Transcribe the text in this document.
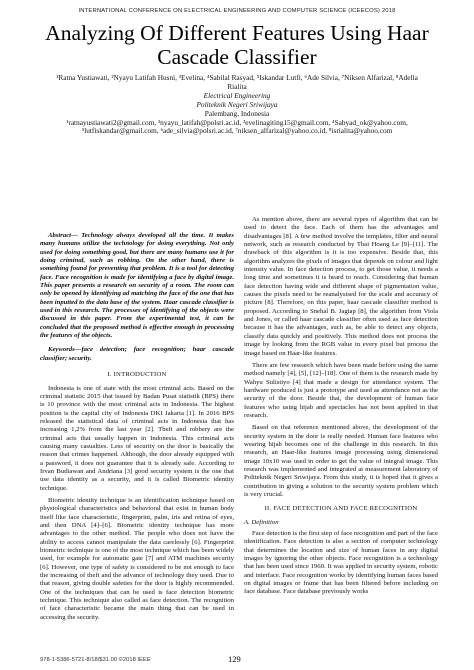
INTERNATIONAL CONFERENCE ON ELECTRICAL ENGINEERING AND COMPUTER SCIENCE (ICEECOS) 2018
Analyzing Of Different Features Using Haar
Cascade Classifier
¹Ratna Yustiawati, ²Nyayu Latifah Husni, ³Evelina, ⁴Sabilal Rasyad, ⁵Iskandar Lutfi, ⁶Ade Silvia, ⁷Niksen Alfarizal, ⁸Adella
Rialita
Electrical Engineering
Politeknik Negeri Sriwijaya
Palembang, Indonesia
¹ratnayustiawati2@gmail.com, ²nyayu_latifah@polsri.ac.id, ³evelinagiting15@gmail.com, ⁴Sabyad_ok@yahoo.com,
⁵lutfiskandar@gmail.com, ⁶ade_silvia@polsri.ac.id, ⁷niksen_alfarizal@yahoo.co.id, ⁸isrialita@yahoo.com

Abstract— Technology always developed all the time. It makes many humans utilize the technology for doing everything. Not only used for doing something good, but there are many humans use it for doing criminal, such as robbing. On the other hand, there is something found for preventing that problem. It is a tool for detecting face. Face recognition is made for identifying a face by digital image. This paper presents a research on security of a room. The room can only be opened by identifying ad matching the face of the one that has been inputted to the data base of the system. Haar cascade classifier is used in this research. The processes of identifying of the objects were discussed in this paper. From the experimental test, it can be concluded that the proposed method is effective enough in processing the features of the objects.

Keywords—face detection; face recognition; haar cascade classifier; security.

I. INTRODUCTION

Indonesia is one of state with the most criminal acts. Based on the criminal statistic 2015 that issued by Badan Pusat statistik (BPS) there is 10 province with the most criminal acts in Indonesia. The highest position is the capital city of Indonesia DKI Jakarta [1]. In 2016 BPS released the statistical data of criminal acts in Indonesia that has increasing 1,2% from the last year [2]. Theft and robbery are the criminal acts that usually happen in Indonesia. This criminal acts causing many casualties. Less of security on the door is basically the reason that crimes happened. Although, the door already equipped with a password, it does not guarantee that it is already safe. According to Irvan Budiawan and Andriana [3] good security system is the one that use data identity as a security, and it is called Biometric identity technique.

Biometric identity technique is an identification technique based on physiological characteristics and behavioral that exist in human body itself like face characteristic, fingerprint, palm, iris and retina of eyes, and then DNA [4]–[6]. Biometric identity technique has more advantages to the other method. The people who does not have the ability to access cannot manipulate the data carelessly [6]. Fingerprint biometric technique is one of the most technique which has been widely used, for example for automatic gate [7] and ATM machines security [6]. However, one type of safety is considered to be not enough to face the increasing of theft and the advance of technology they used. Due to that reason, giving double safeties for the door is highly recommended. One of the techniques that can be used is face detection biometric technique. This technique also called as face detection. The recognition of face characteristic became the main thing that can be used in accessing the security.

As mention above, there are several types of algorithm that can be used to detect the face. Each of them has the advantages and disadvantages [8]. A few method involve the templates, filter and neural network, such as research conducted by Thai Hoang Le [9]–[11]. The drawback of this algorithm is it is too expensive. Beside that, this algorithm analyzes the pixels of images that depends on colour and light intensity value. In face detection process, to get those value, it needs a long time and sometimes it is heard to reach. Considering that human face detection having wide and different shape of pigmentation value, causes the pixels need to be reanalysised for the scale and accuracy of picture [8]. Therefore, on this paper, haar cascade classifier method is proposed. According to Snehal B. Jagtap [8], the algorithm from Viola and Jones, or called haar cascade classifier often used as face detection because it has the advantages, such as, be able to detect any objects, classify data quickly and positively. This method does not process the image by looking from the RGB value in every pixel but process the image based on Haar-like features.

There are few research which have been made before using the same method namely [4], [5], [12]–[18]. One of them is the research made by Wahyu Sulistiyo [4] that made a design for attendance system. The hardware produced is just a prototype and used as attendance not as the security of the door. Beside that, the development of human face features who using hijab and spectacles has not been applied in that research.

Based on that reference mentioned above, the development of the security system in the door is really needed. Human face features who wearing hijab becomes one of the challenge in this research. In this research, an Haar-like features image processing using dimensional image 10x10 was used in order to get the value of integral image. This research was implemented and integrated at measurement laboratory of Politeknik Negeri Sriwijaya. From this study, it is hoped that it gives a contribution in giving a solution to the security system problem which is very crucial.

II. FACE DETECTION AND FACE RECOGNITION
A. Definition

Face detection is the first step of face recognition and part of the face identification. Face detection is also a section of computer technology that determines the location and size of human faces in any digital images by ignoring the other objects. Face recognition is a technology that has been used since 1960. It was applied in security system, robotic and interface. Face recognition works by identifying human faces based on digital images or frame that has been filtered before including on face database. Face database previously works

978-1-5386-5721-8/18/$31.00 ©2018 IEEE	129
